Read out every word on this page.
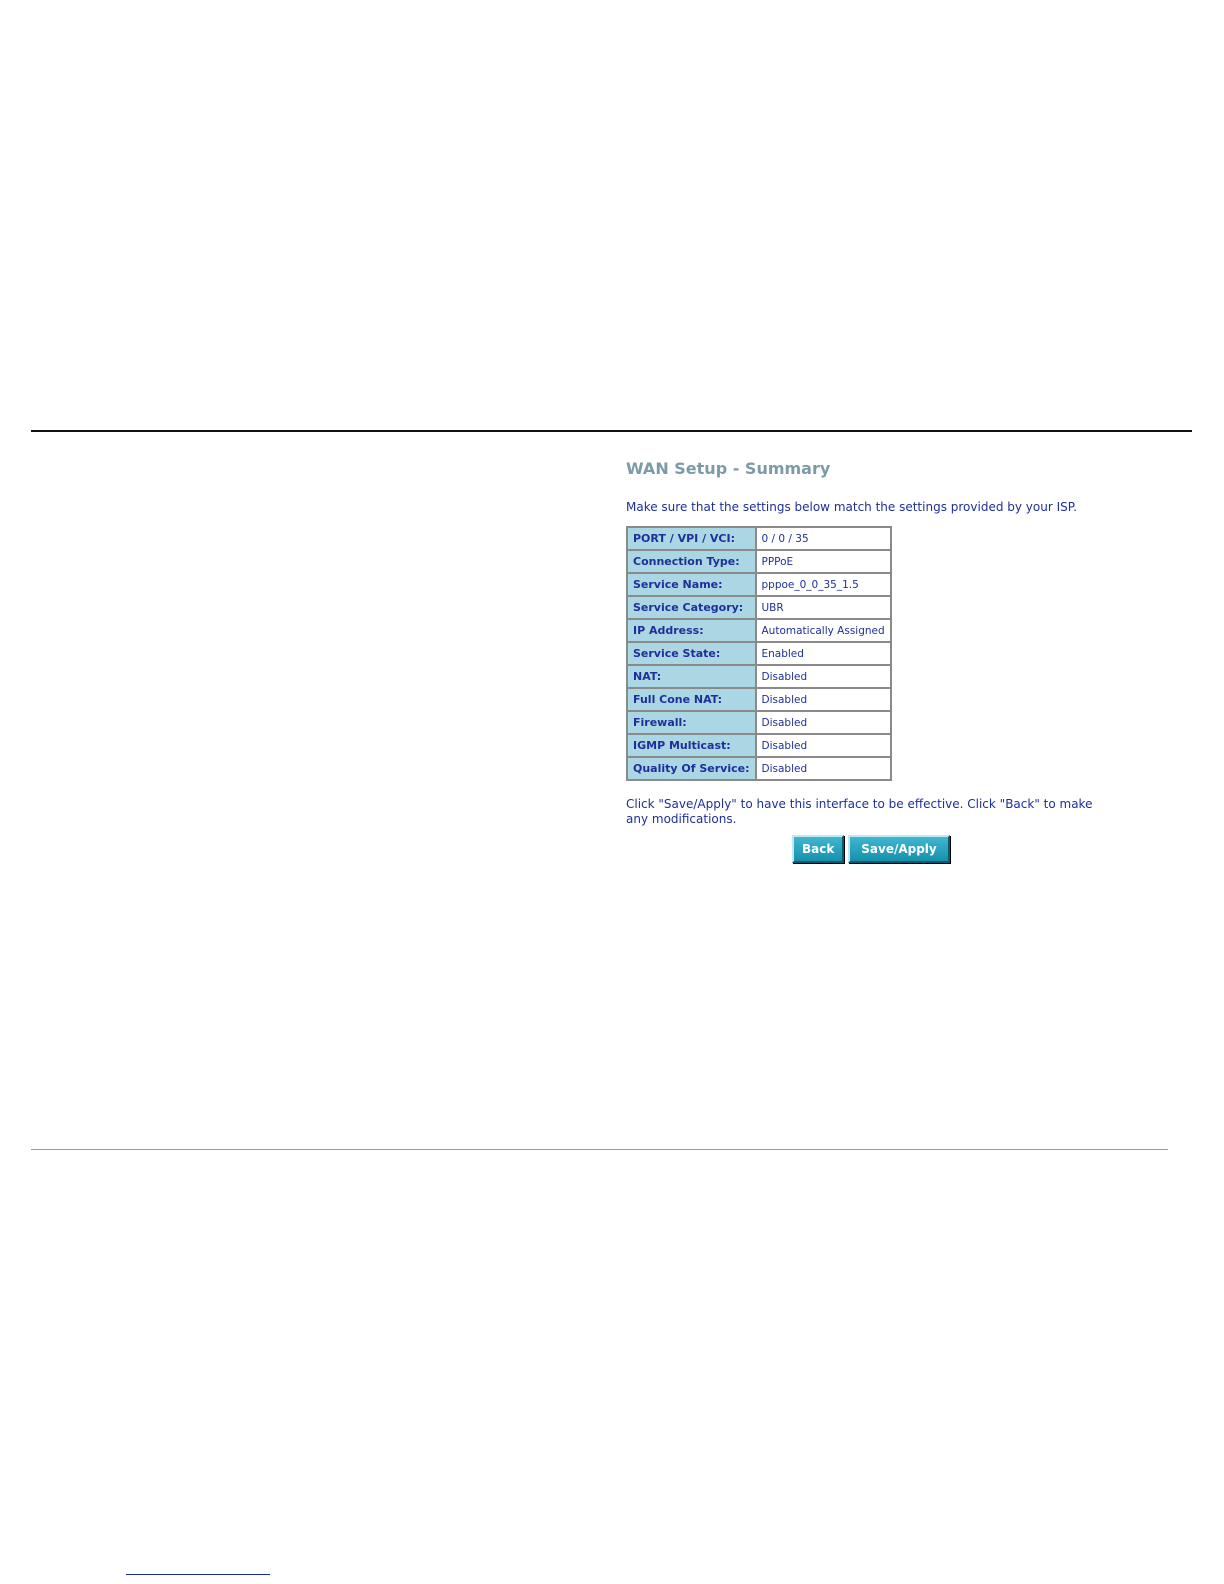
WAN Setup - Summary
Make sure that the settings below match the settings provided by your ISP.
PORT / VPI / VCI:	0 / 0 / 35
Connection Type:	PPPoE
Service Name:	pppoe_0_0_35_1.5
Service Category:	UBR
IP Address:	Automatically Assigned
Service State:	Enabled
NAT:	Disabled
Full Cone NAT:	Disabled
Firewall:	Disabled
IGMP Multicast:	Disabled
Quality Of Service:	Disabled
Click "Save/Apply" to have this interface to be effective. Click "Back" to make any modifications.
Back Save/Apply
